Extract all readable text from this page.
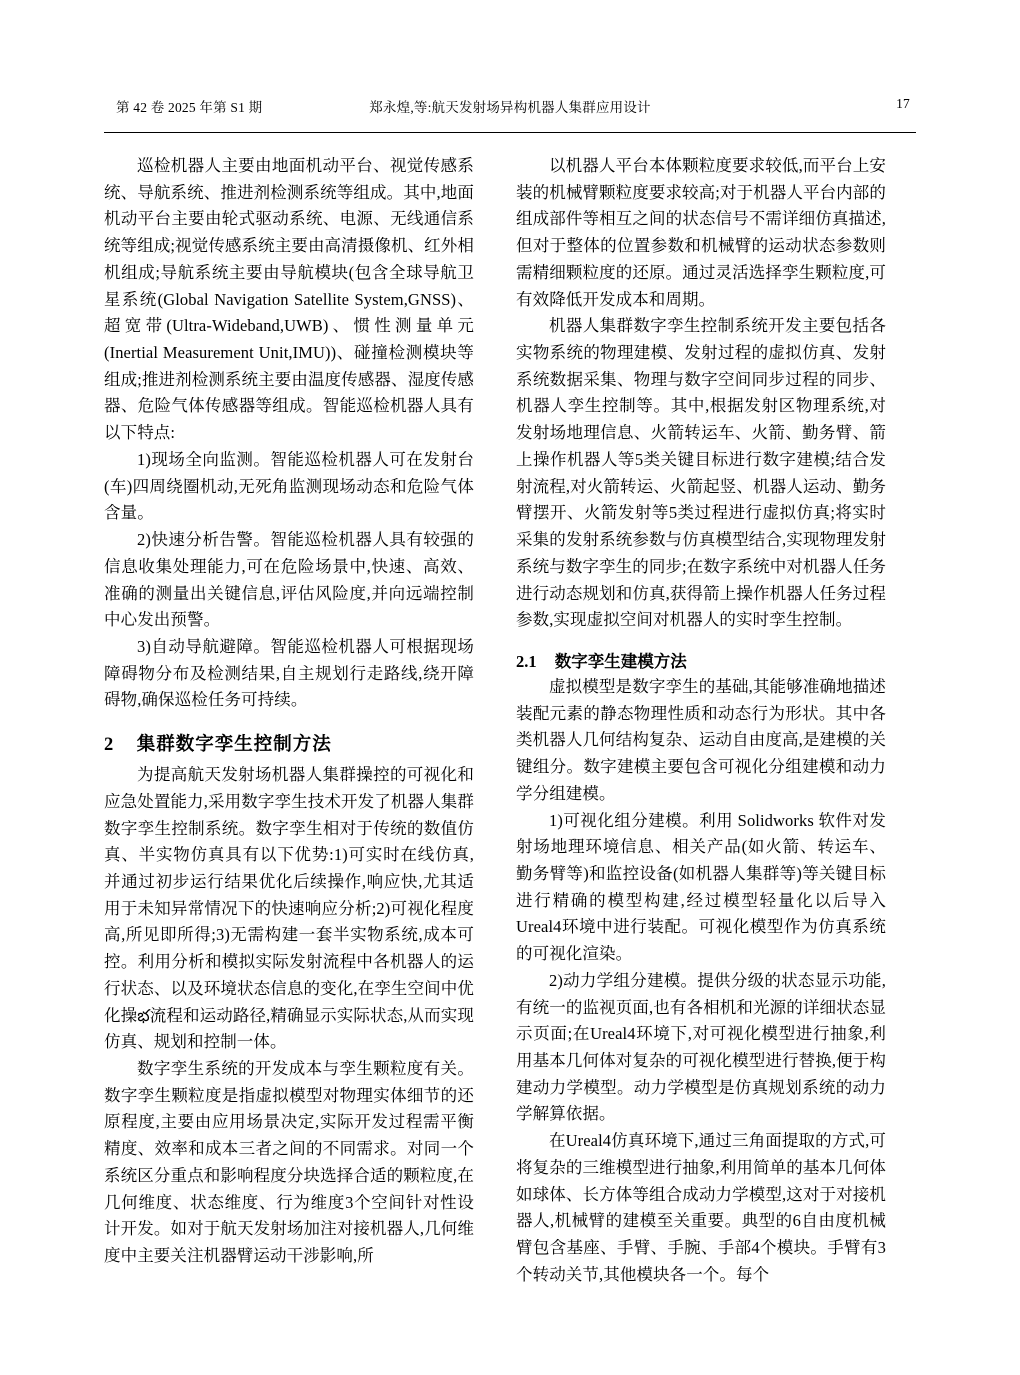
第 42 卷 2025 年第 S1 期	郑永煌,等:航天发射场异构机器人集群应用设计	17

巡检机器人主要由地面机动平台、视觉传感系统、导航系统、推进剂检测系统等组成。其中,地面机动平台主要由轮式驱动系统、电源、无线通信系统等组成;视觉传感系统主要由高清摄像机、红外相机组成;导航系统主要由导航模块(包含全球导航卫星系统(Global Navigation Satellite System,GNSS)、超宽带(Ultra-Wideband,UWB)、惯性测量单元(Inertial Measurement Unit,IMU))、碰撞检测模块等组成;推进剂检测系统主要由温度传感器、湿度传感器、危险气体传感器等组成。智能巡检机器人具有以下特点:

1)现场全向监测。智能巡检机器人可在发射台(车)四周绕圈机动,无死角监测现场动态和危险气体含量。

2)快速分析告警。智能巡检机器人具有较强的信息收集处理能力,可在危险场景中,快速、高效、准确的测量出关键信息,评估风险度,并向远端控制中心发出预警。

3)自动导航避障。智能巡检机器人可根据现场障碍物分布及检测结果,自主规划行走路线,绕开障碍物,确保巡检任务可持续。

2 集群数字孪生控制方法

为提高航天发射场机器人集群操控的可视化和应急处置能力,采用数字孪生技术开发了机器人集群数字孪生控制系统。数字孪生相对于传统的数值仿真、半实物仿真具有以下优势:1)可实时在线仿真,并通过初步运行结果优化后续操作,响应快,尤其适用于未知异常情况下的快速响应分析;2)可视化程度高,所见即所得;3)无需构建一套半实物系统,成本可控。利用分析和模拟实际发射流程中各机器人的运行状态、以及环境状态信息的变化,在孪生空间中优化操భ流程和运动路径,精确显示实际状态,从而实现仿真、规划和控制一体。

数字孪生系统的开发成本与孪生颗粒度有关。数字孪生颗粒度是指虚拟模型对物理实体细节的还原程度,主要由应用场景决定,实际开发过程需平衡精度、效率和成本三者之间的不同需求。对同一个系统区分重点和影响程度分块选择合适的颗粒度,在几何维度、状态维度、行为维度3个空间针对性设计开发。如对于航天发射场加注对接机器人,几何维度中主要关注机器臂运动干涉影响,所

以机器人平台本体颗粒度要求较低,而平台上安装的机械臂颗粒度要求较高;对于机器人平台内部的组成部件等相互之间的状态信号不需详细仿真描述,但对于整体的位置参数和机械臂的运动状态参数则需精细颗粒度的还原。通过灵活选择孪生颗粒度,可有效降低开发成本和周期。

机器人集群数字孪生控制系统开发主要包括各实物系统的物理建模、发射过程的虚拟仿真、发射系统数据采集、物理与数字空间同步过程的同步、机器人孪生控制等。其中,根据发射区物理系统,对发射场地理信息、火箭转运车、火箭、勤务臂、箭上操作机器人等5类关键目标进行数字建模;结合发射流程,对火箭转运、火箭起竖、机器人运动、勤务臂摆开、火箭发射等5类过程进行虚拟仿真;将实时采集的发射系统参数与仿真模型结合,实现物理发射系统与数字孪生的同步;在数字系统中对机器人任务进行动态规划和仿真,获得箭上操作机器人任务过程参数,实现虚拟空间对机器人的实时孪生控制。

2.1 数字孪生建模方法

虚拟模型是数字孪生的基础,其能够准确地描述装配元素的静态物理性质和动态行为形状。其中各类机器人几何结构复杂、运动自由度高,是建模的关键组分。数字建模主要包含可视化分组建模和动力学分组建模。

1)可视化组分建模。利用 Solidworks 软件对发射场地理环境信息、相关产品(如火箭、转运车、勤务臂等)和监控设备(如机器人集群等)等关键目标进行精确的模型构建,经过模型轻量化以后导入Ureal4环境中进行装配。可视化模型作为仿真系统的可视化渲染。

2)动力学组分建模。提供分级的状态显示功能,有统一的监视页面,也有各相机和光源的详细状态显示页面;在Ureal4环境下,对可视化模型进行抽象,利用基本几何体对复杂的可视化模型进行替换,便于构建动力学模型。动力学模型是仿真规划系统的动力学解算依据。

在Ureal4仿真环境下,通过三角面提取的方式,可将复杂的三维模型进行抽象,利用简单的基本几何体如球体、长方体等组合成动力学模型,这对于对接机器人,机械臂的建模至关重要。典型的6自由度机械臂包含基座、手臂、手腕、手部4个模块。手臂有3个转动关节,其他模块各一个。每个
